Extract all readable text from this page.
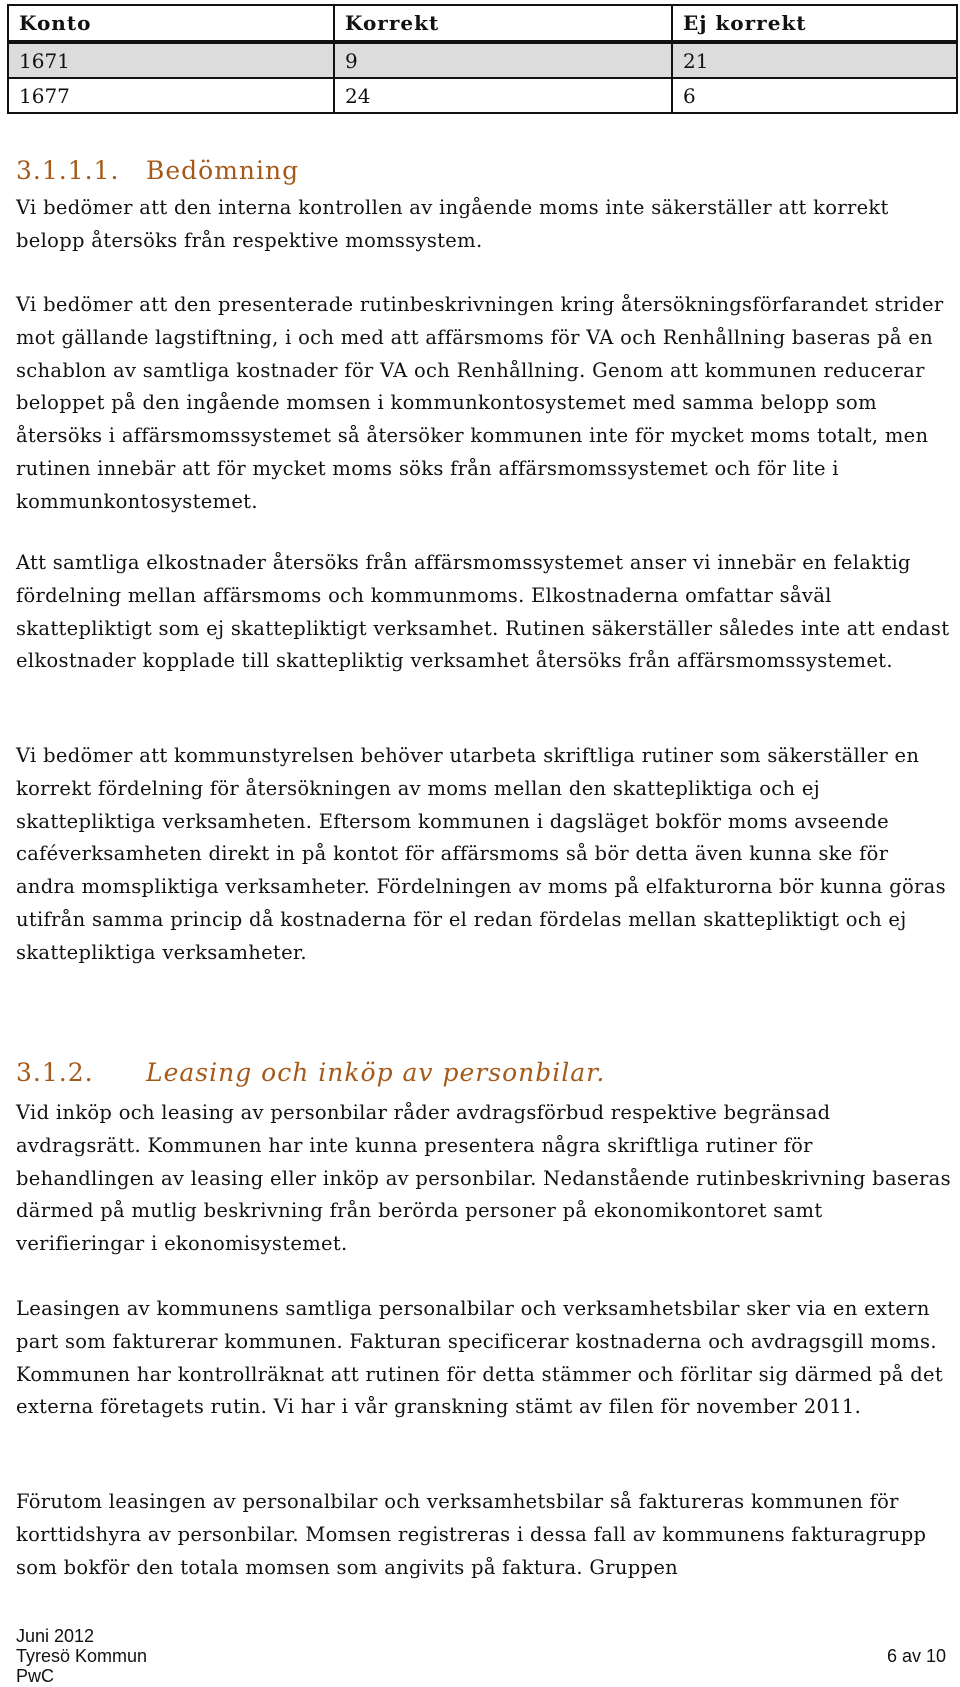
Konto	Korrekt	Ej korrekt
1671	9	21
1677	24	6
3.1.1.1. Bedömning

Vi bedömer att den interna kontrollen av ingående moms inte säkerställer att korrekt belopp återsöks från respektive momssystem.

Vi bedömer att den presenterade rutinbeskrivningen kring återsökningsförfarandet strider mot gällande lagstiftning, i och med att affärsmoms för VA och Renhållning baseras på en schablon av samtliga kostnader för VA och Renhållning. Genom att kommunen reducerar beloppet på den ingående momsen i kommunkontosystemet med samma belopp som återsöks i affärsmomssystemet så återsöker kommunen inte för mycket moms totalt, men rutinen innebär att för mycket moms söks från affärsmomssystemet och för lite i kommunkontosystemet.

Att samtliga elkostnader återsöks från affärsmomssystemet anser vi innebär en felaktig fördelning mellan affärsmoms och kommunmoms. Elkostnaderna omfattar såväl skattepliktigt som ej skattepliktigt verksamhet. Rutinen säkerställer således inte att endast elkostnader kopplade till skattepliktig verksamhet återsöks från affärsmomssystemet.

Vi bedömer att kommunstyrelsen behöver utarbeta skriftliga rutiner som säkerställer en korrekt fördelning för återsökningen av moms mellan den skattepliktiga och ej skattepliktiga verksamheten. Eftersom kommunen i dagsläget bokför moms avseende caféverksamheten direkt in på kontot för affärsmoms så bör detta även kunna ske för andra momspliktiga verksamheter. Fördelningen av moms på elfakturorna bör kunna göras utifrån samma princip då kostnaderna för el redan fördelas mellan skattepliktigt och ej skattepliktiga verksamheter.

3.1.2. Leasing och inköp av personbilar.

Vid inköp och leasing av personbilar råder avdragsförbud respektive begränsad avdragsrätt. Kommunen har inte kunna presentera några skriftliga rutiner för behandlingen av leasing eller inköp av personbilar. Nedanstående rutinbeskrivning baseras därmed på mutlig beskrivning från berörda personer på ekonomikontoret samt verifieringar i ekonomisystemet.

Leasingen av kommunens samtliga personalbilar och verksamhetsbilar sker via en extern part som fakturerar kommunen. Fakturan specificerar kostnaderna och avdragsgill moms. Kommunen har kontrollräknat att rutinen för detta stämmer och förlitar sig därmed på det externa företagets rutin. Vi har i vår granskning stämt av filen för november 2011.

Förutom leasingen av personalbilar och verksamhetsbilar så faktureras kommunen för korttidshyra av personbilar. Momsen registreras i dessa fall av kommunens fakturagrupp som bokför den totala momsen som angivits på faktura. Gruppen

Juni 2012
Tyresö Kommun
PwC
6 av 10
